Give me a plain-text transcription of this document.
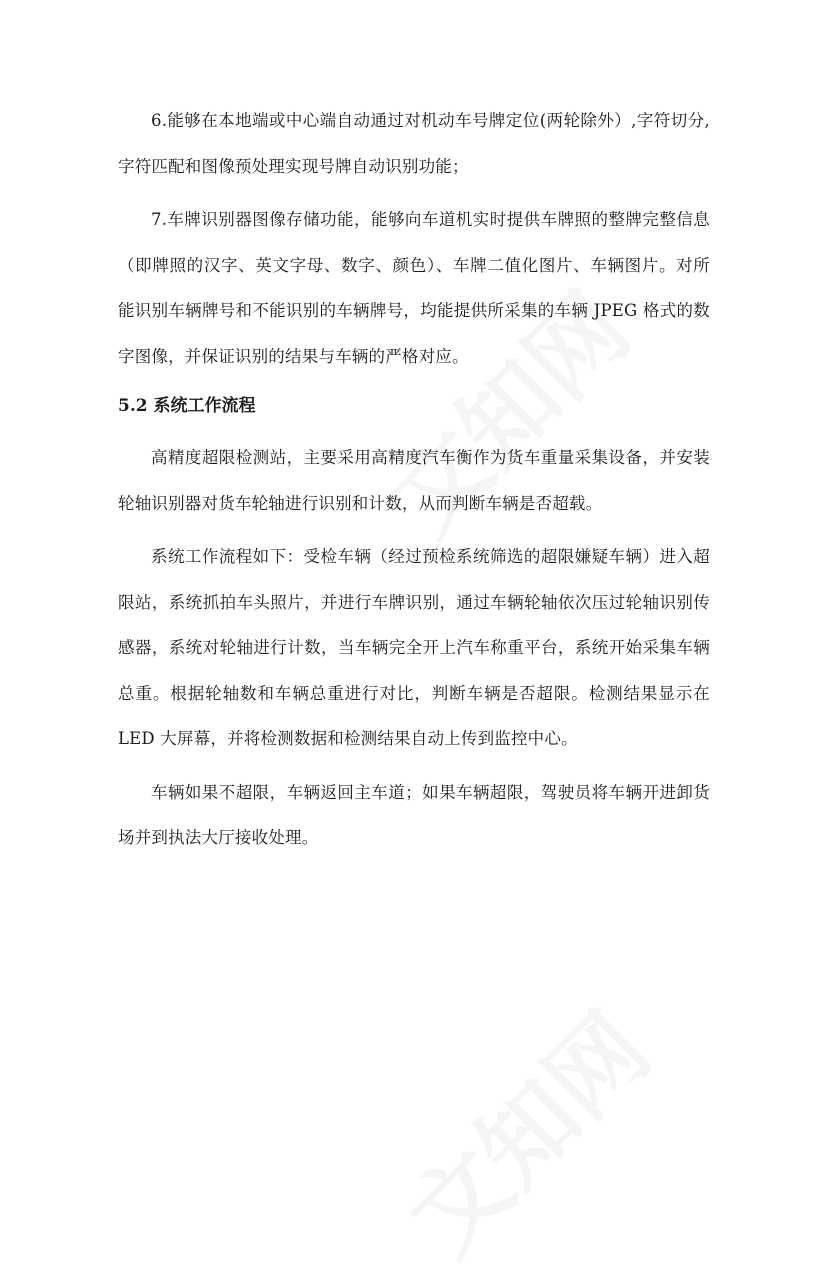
6.能够在本地端或中心端自动通过对机动车号牌定位(两轮除外）,字符切分,字符匹配和图像预处理实现号牌自动识别功能；

7.车牌识别器图像存储功能，能够向车道机实时提供车牌照的整牌完整信息（即牌照的汉字、英文字母、数字、颜色）、车牌二值化图片、车辆图片。对所能识别车辆牌号和不能识别的车辆牌号，均能提供所采集的车辆 JPEG 格式的数字图像，并保证识别的结果与车辆的严格对应。

5.2 系统工作流程

高精度超限检测站，主要采用高精度汽车衡作为货车重量采集设备，并安装轮轴识别器对货车轮轴进行识别和计数，从而判断车辆是否超载。

系统工作流程如下：受检车辆（经过预检系统筛选的超限嫌疑车辆）进入超限站，系统抓拍车头照片，并进行车牌识别，通过车辆轮轴依次压过轮轴识别传感器，系统对轮轴进行计数，当车辆完全开上汽车称重平台，系统开始采集车辆总重。根据轮轴数和车辆总重进行对比，判断车辆是否超限。检测结果显示在 LED 大屏幕，并将检测数据和检测结果自动上传到监控中心。

车辆如果不超限，车辆返回主车道；如果车辆超限，驾驶员将车辆开进卸货场并到执法大厅接收处理。
